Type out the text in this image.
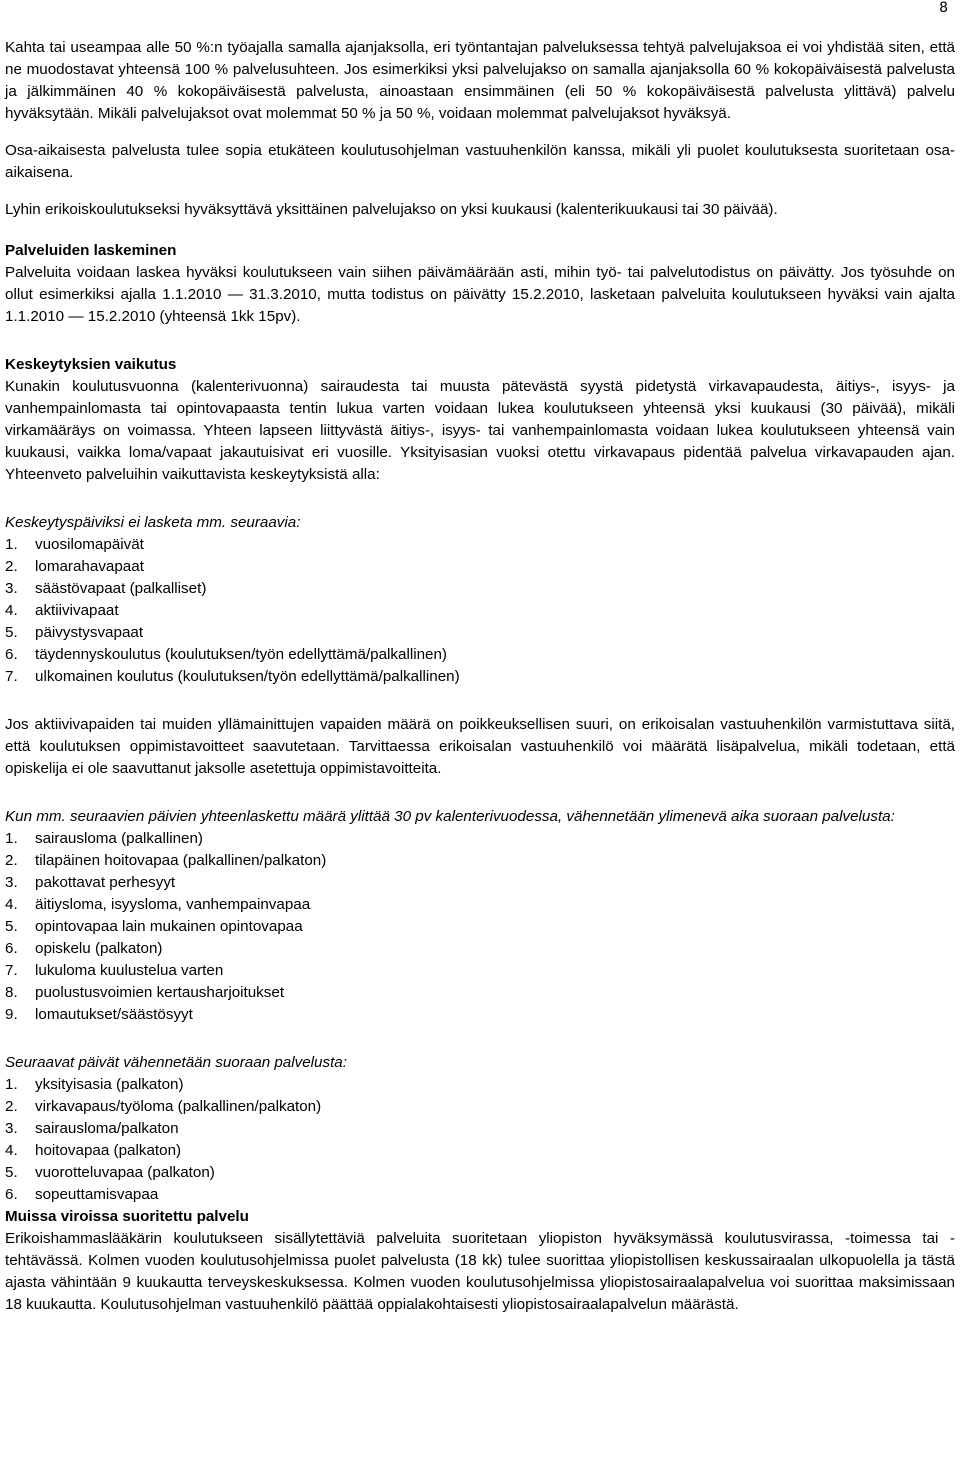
8

Kahta tai useampaa alle 50 %:n työajalla samalla ajanjaksolla, eri työntantajan palveluksessa tehtyä palvelujaksoa ei voi yhdistää siten, että ne muodostavat yhteensä 100 % palvelusuhteen. Jos esimerkiksi yksi palvelujakso on samalla ajanjaksolla 60 % kokopäiväisestä palvelusta ja jälkimmäinen 40 % kokopäiväisestä palvelusta, ainoastaan ensimmäinen (eli 50 % kokopäiväisestä palvelusta ylittävä) palvelu hyväksytään. Mikäli palvelujaksot ovat molemmat 50 % ja 50 %, voidaan molemmat palvelujaksot hyväksyä.

Osa-aikaisesta palvelusta tulee sopia etukäteen koulutusohjelman vastuuhenkilön kanssa, mikäli yli puolet koulutuksesta suoritetaan osa-aikaisena.

Lyhin erikoiskoulutukseksi hyväksyttävä yksittäinen palvelujakso on yksi kuukausi (kalenterikuukausi tai 30 päivää).

Palveluiden laskeminen

Palveluita voidaan laskea hyväksi koulutukseen vain siihen päivämäärään asti, mihin työ- tai palvelutodistus on päivätty. Jos työsuhde on ollut esimerkiksi ajalla 1.1.2010 — 31.3.2010, mutta todistus on päivätty 15.2.2010, lasketaan palveluita koulutukseen hyväksi vain ajalta 1.1.2010 — 15.2.2010 (yhteensä 1kk 15pv).

Keskeytyksien vaikutus

Kunakin koulutusvuonna (kalenterivuonna) sairaudesta tai muusta pätevästä syystä pidetystä virkavapaudesta, äitiys-, isyys- ja vanhempainlomasta tai opintovapaasta tentin lukua varten voidaan lukea koulutukseen yhteensä yksi kuukausi (30 päivää), mikäli virkamääräys on voimassa. Yhteen lapseen liittyvästä äitiys-, isyys- tai vanhempainlomasta voidaan lukea koulutukseen yhteensä vain kuukausi, vaikka loma/vapaat jakautuisivat eri vuosille. Yksityisasian vuoksi otettu virkavapaus pidentää palvelua virkavapauden ajan. Yhteenveto palveluihin vaikuttavista keskeytyksistä alla:

Keskeytyspäiviksi ei lasketa mm. seuraavia:
1.	vuosilomapäivät
2.	lomarahavapaat
3.	säästövapaat (palkalliset)
4.	aktiivivapaat
5.	päivystysvapaat
6.	täydennyskoulutus (koulutuksen/työn edellyttämä/palkallinen)
7.	ulkomainen koulutus (koulutuksen/työn edellyttämä/palkallinen)

Jos aktiivivapaiden tai muiden yllämainittujen vapaiden määrä on poikkeuksellisen suuri, on erikoisalan vastuuhenkilön varmistuttava siitä, että koulutuksen oppimistavoitteet saavutetaan. Tarvittaessa erikoisalan vastuuhenkilö voi määrätä lisäpalvelua, mikäli todetaan, että opiskelija ei ole saavuttanut jaksolle asetettuja oppimistavoitteita.

Kun mm. seuraavien päivien yhteenlaskettu määrä ylittää 30 pv kalenterivuodessa, vähennetään ylimenevä aika suoraan palvelusta:
1.	sairausloma (palkallinen)
2.	tilapäinen hoitovapaa (palkallinen/palkaton)
3.	pakottavat perhesyyt
4.	äitiysloma, isyysloma, vanhempainvapaa
5.	opintovapaa lain mukainen opintovapaa
6.	opiskelu (palkaton)
7.	lukuloma kuulustelua varten
8.	puolustusvoimien kertausharjoitukset
9.	lomautukset/säästösyyt
Seuraavat päivät vähennetään suoraan palvelusta:
1.	yksityisasia (palkaton)
2.	virkavapaus/työloma (palkallinen/palkaton)
3.	sairausloma/palkaton
4.	hoitovapaa (palkaton)
5.	vuorotteluvapaa (palkaton)
6.	sopeuttamisvapaa
Muissa viroissa suoritettu palvelu

Erikoishammaslääkärin koulutukseen sisällytettäviä palveluita suoritetaan yliopiston hyväksymässä koulutusvirassa, -toimessa tai -tehtävässä. Kolmen vuoden koulutusohjelmissa puolet palvelusta (18 kk) tulee suorittaa yliopistollisen keskussairaalan ulkopuolella ja tästä ajasta vähintään 9 kuukautta terveyskeskuksessa. Kolmen vuoden koulutusohjelmissa yliopistosairaalapalvelua voi suorittaa maksimissaan 18 kuukautta. Koulutusohjelman vastuuhenkilö päättää oppialakohtaisesti yliopistosairaalapalvelun määrästä.
